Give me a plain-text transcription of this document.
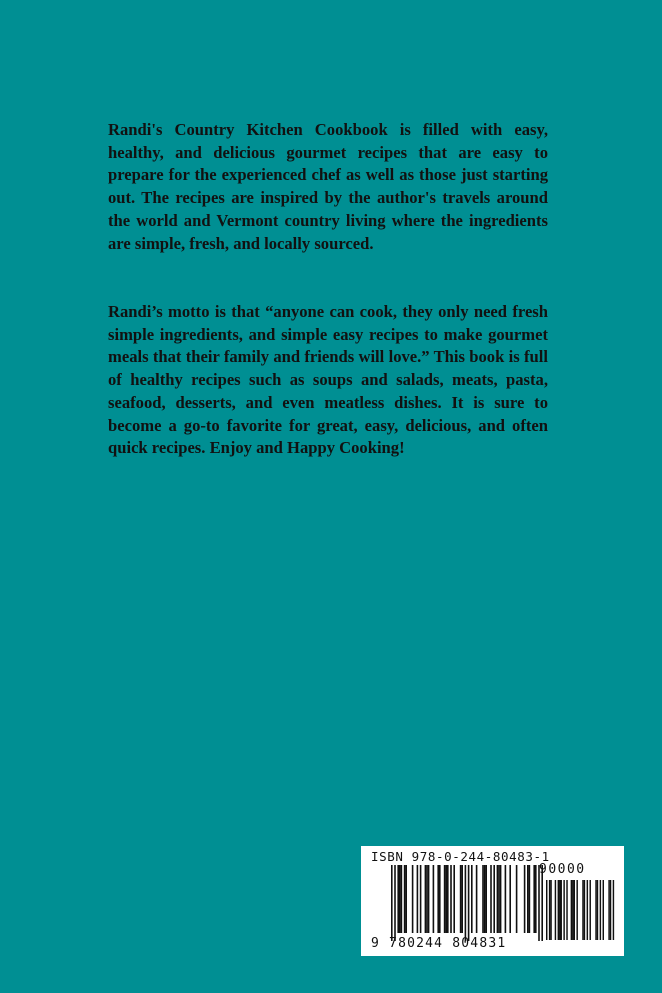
Randi's Country Kitchen Cookbook is filled with easy, healthy, and delicious gourmet recipes that are easy to prepare for the experienced chef as well as those just starting out. The recipes are inspired by the author's travels around the world and Vermont country living where the ingredients are simple, fresh, and locally sourced.

Randi’s motto is that “anyone can cook, they only need fresh simple ingredients, and simple easy recipes to make gourmet meals that their family and friends will love.” This book is full of healthy recipes such as soups and salads, meats, pasta, seafood, desserts, and even meatless dishes. It is sure to become a go-to favorite for great, easy, delicious, and often quick recipes. Enjoy and Happy Cooking!

ISBN 978-0-244-80483-1
9 780244 804831
90000
